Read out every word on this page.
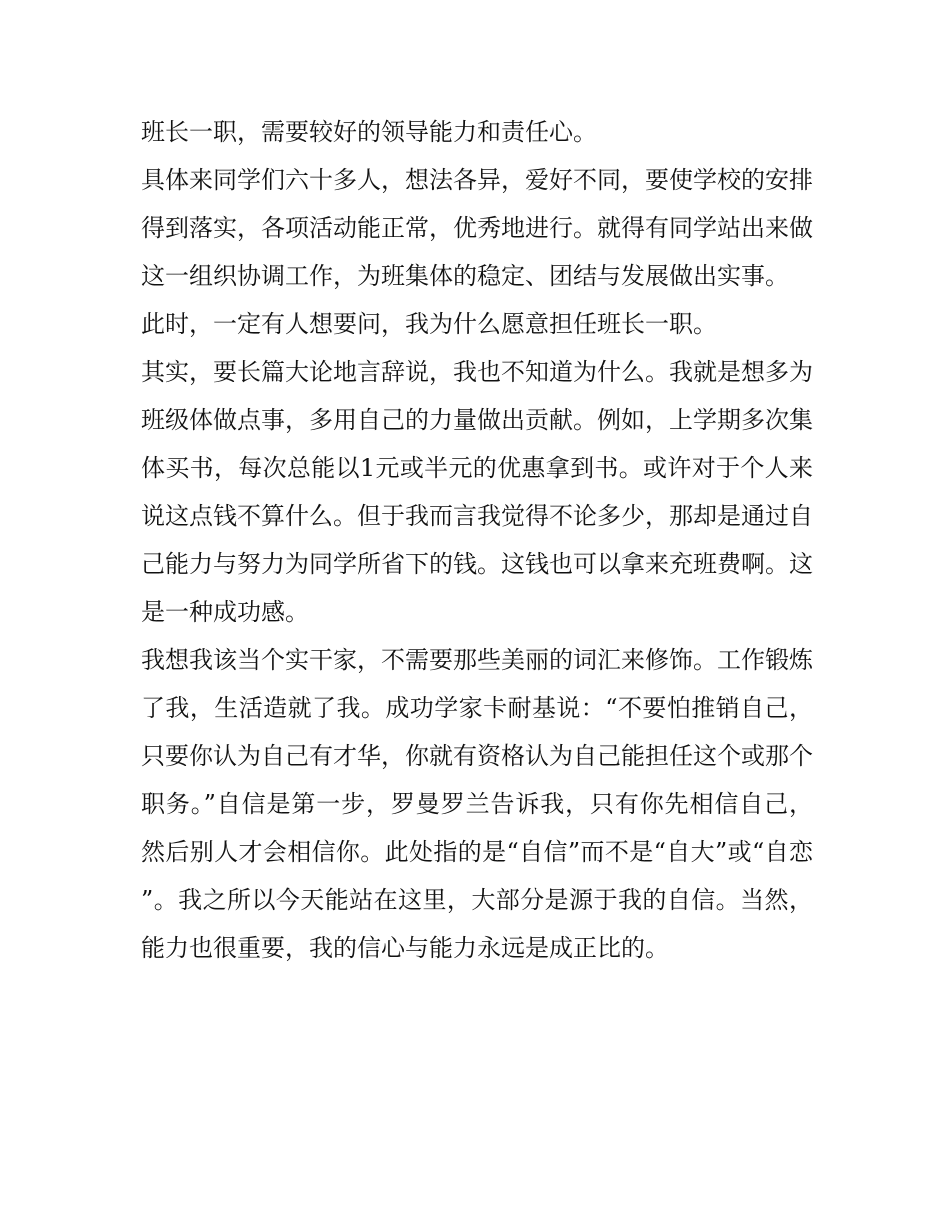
班长一职，需要较好的领导能力和责任心。

具体来同学们六十多人，想法各异，爱好不同，要使学校的安排得到落实，各项活动能正常，优秀地进行。就得有同学站出来做这一组织协调工作，为班集体的稳定、团结与发展做出实事。

此时，一定有人想要问，我为什么愿意担任班长一职。

其实，要长篇大论地言辞说，我也不知道为什么。我就是想多为班级体做点事，多用自己的力量做出贡献。例如，上学期多次集体买书，每次总能以1元或半元的优惠拿到书。或许对于个人来说这点钱不算什么。但于我而言我觉得不论多少，那却是通过自己能力与努力为同学所省下的钱。这钱也可以拿来充班费啊。这是一种成功感。

我想我该当个实干家，不需要那些美丽的词汇来修饰。工作锻炼了我，生活造就了我。成功学家卡耐基说：“不要怕推销自己，只要你认为自己有才华，你就有资格认为自己能担任这个或那个职务。”自信是第一步，罗曼罗兰告诉我，只有你先相信自己，然后别人才会相信你。此处指的是“自信”而不是“自大”或“自恋”。我之所以今天能站在这里，大部分是源于我的自信。当然，能力也很重要，我的信心与能力永远是成正比的。
